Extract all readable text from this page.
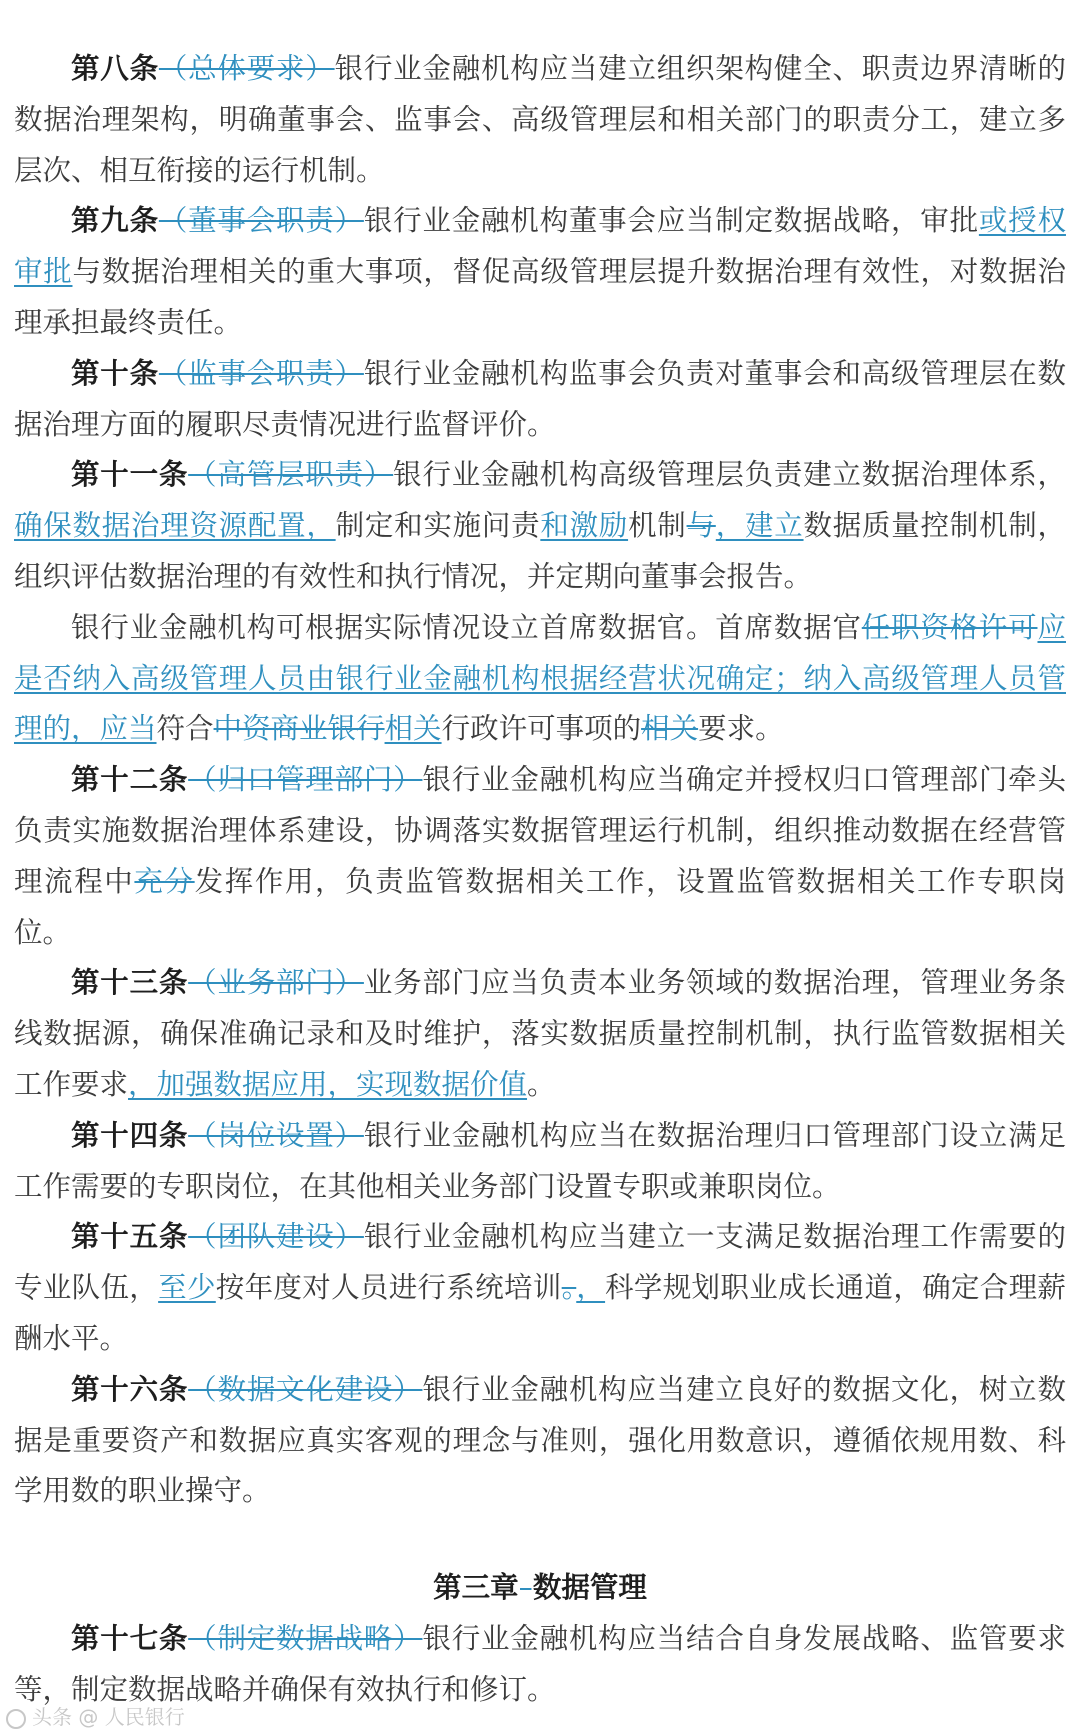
第八条（总体要求）银行业金融机构应当建立组织架构健全、职责边界清晰的数据治理架构，明确董事会、监事会、高级管理层和相关部门的职责分工，建立多层次、相互衔接的运行机制。

第九条（董事会职责）银行业金融机构董事会应当制定数据战略，审批或授权审批与数据治理相关的重大事项，督促高级管理层提升数据治理有效性，对数据治理承担最终责任。

第十条（监事会职责）银行业金融机构监事会负责对董事会和高级管理层在数据治理方面的履职尽责情况进行监督评价。

第十一条（高管层职责）银行业金融机构高级管理层负责建立数据治理体系，确保数据治理资源配置，制定和实施问责和激励机制与，建立数据质量控制机制，组织评估数据治理的有效性和执行情况，并定期向董事会报告。

银行业金融机构可根据实际情况设立首席数据官。首席数据官任职资格许可应是否纳入高级管理人员由银行业金融机构根据经营状况确定；纳入高级管理人员管理的，应当符合中资商业银行相关行政许可事项的相关要求。

第十二条（归口管理部门）银行业金融机构应当确定并授权归口管理部门牵头负责实施数据治理体系建设，协调落实数据管理运行机制，组织推动数据在经营管理流程中充分发挥作用，负责监管数据相关工作，设置监管数据相关工作专职岗位。

第十三条（业务部门）业务部门应当负责本业务领域的数据治理，管理业务条线数据源，确保准确记录和及时维护，落实数据质量控制机制，执行监管数据相关工作要求，加强数据应用，实现数据价值。

第十四条（岗位设置）银行业金融机构应当在数据治理归口管理部门设立满足工作需要的专职岗位，在其他相关业务部门设置专职或兼职岗位。

第十五条（团队建设）银行业金融机构应当建立一支满足数据治理工作需要的专业队伍，至少按年度对人员进行系统培训。，科学规划职业成长通道，确定合理薪酬水平。

第十六条（数据文化建设）银行业金融机构应当建立良好的数据文化，树立数据是重要资产和数据应真实客观的理念与准则，强化用数意识，遵循依规用数、科学用数的职业操守。

第三章–数据管理

第十七条（制定数据战略）银行业金融机构应当结合自身发展战略、监管要求等，制定数据战略并确保有效执行和修订。

头条 @ 人民银行
